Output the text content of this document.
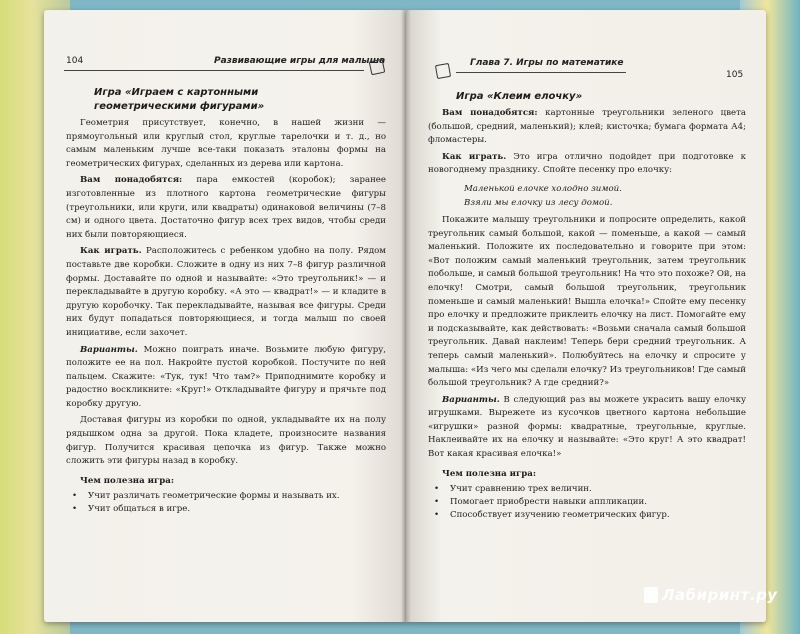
104	Развивающие игры для малыша

Игра «Играем с картонными

геометрическими фигурами»

Геометрия присутствует, конечно, в нашей жизни — прямоугольный или круглый стол, круглые тарелочки и т. д., но самым маленьким лучше все-таки показать эталоны формы на геометрических фигурах, сделанных из дерева или картона.

Вам понадобятся: пара емкостей (коробок); заранее изготовленные из плотного картона геометрические фигуры (треугольники, или круги, или квадраты) одинаковой величины (7–8 см) и одного цвета. Достаточно фигур всех трех видов, чтобы среди них были повторяющиеся.

Как играть. Расположитесь с ребенком удобно на полу. Рядом поставьте две коробки. Сложите в одну из них 7–8 фигур различной формы. Доставайте по одной и называйте: «Это треугольник!» — и перекладывайте в другую коробку. «А это — квадрат!» — и кладите в другую коробочку. Так перекладывайте, называя все фигуры. Среди них будут попадаться повторяющиеся, и тогда малыш по своей инициативе, если захочет.

Варианты. Можно поиграть иначе. Возьмите любую фигуру, положите ее на пол. Накройте пустой коробкой. Постучите по ней пальцем. Скажите: «Тук, тук! Что там?» Приподнимите коробку и радостно воскликните: «Круг!» Откладывайте фигуру и прячьте под коробку другую.

Доставая фигуры из коробки по одной, укладывайте их на полу рядышком одна за другой. Пока кладете, произносите названия фигур. Получится красивая цепочка из фигур. Также можно сложить эти фигуры назад в коробку.

Чем полезна игра:
• Учит различать геометрические формы и называть их.
• Учит общаться в игре.
Глава 7. Игры по математике
105

Игра «Клеим елочку»

Вам понадобятся: картонные треугольники зеленого цвета (большой, средний, маленький); клей; кисточка; бумага формата А4; фломастеры.

Как играть. Это игра отлично подойдет при подготовке к новогоднему празднику. Спойте песенку про елочку:

Маленькой елочке холодно зимой.
Взяли мы елочку из лесу домой.

Покажите малышу треугольники и попросите определить, какой треугольник самый большой, какой — поменьше, а какой — самый маленький. Положите их последовательно и говорите при этом: «Вот положим самый маленький треугольник, затем треугольник побольше, и самый большой треугольник! На что это похоже? Ой, на елочку! Смотри, самый большой треугольник, треугольник поменьше и самый маленький! Вышла елочка!» Спойте ему песенку про елочку и предложите приклеить елочку на лист. Помогайте ему и подсказывайте, как действовать: «Возьми сначала самый большой треугольник. Давай наклеим! Теперь бери средний треугольник. А теперь самый маленький». Полюбуйтесь на елочку и спросите у малыша: «Из чего мы сделали елочку? Из треугольников! Где самый большой треугольник? А где средний?»

Варианты. В следующий раз вы можете украсить вашу елочку игрушками. Вырежете из кусочков цветного картона небольшие «игрушки» разной формы: квадратные, треугольные, круглые. Наклеивайте их на елочку и называйте: «Это круг! А это квадрат! Вот какая красивая елочка!»

Чем полезна игра:
• Учит сравнению трех величин.
• Помогает приобрести навыки аппликации.
• Способствует изучению геометрических фигур.
Лабиринт.ру
